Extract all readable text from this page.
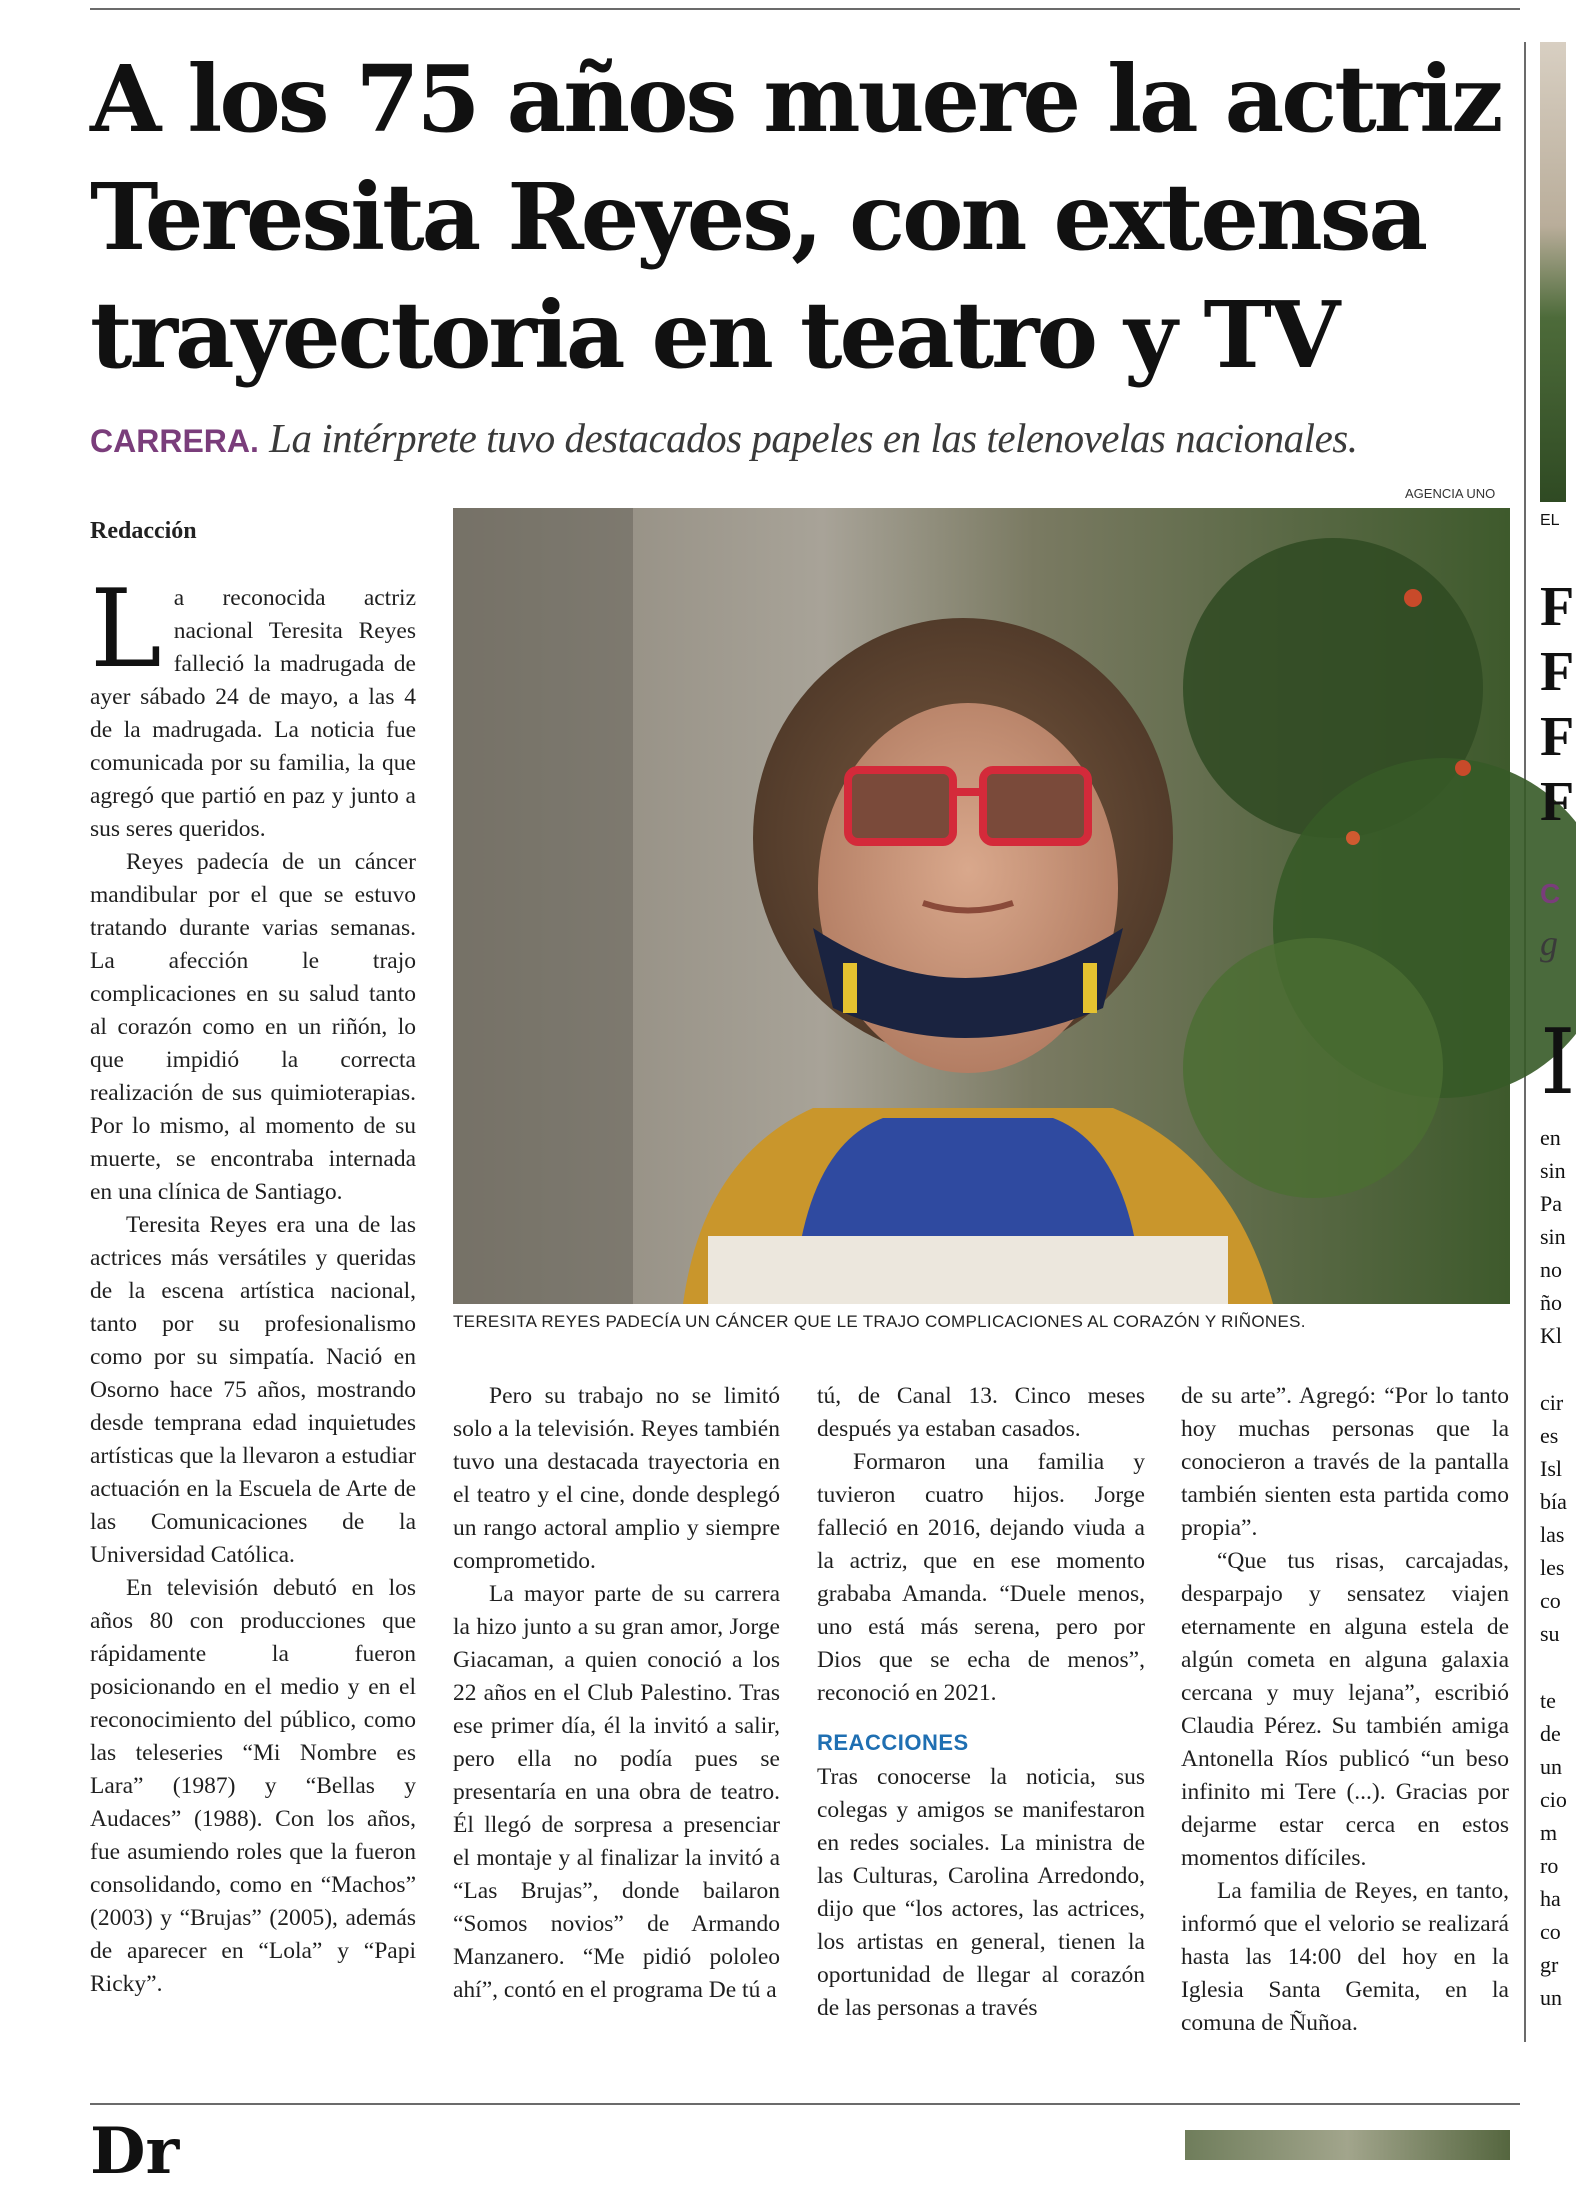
A los 75 años muere la actriz Teresita Reyes, con extensa trayectoria en teatro y TV
CARRERA. La intérprete tuvo destacados papeles en las telenovelas nacionales.
AGENCIA UNO
Redacción

La reconocida actriz nacional Teresita Reyes falleció la madrugada de ayer sábado 24 de mayo, a las 4 de la madrugada. La noticia fue comunicada por su familia, la que agregó que partió en paz y junto a sus seres queridos.

Reyes padecía de un cáncer mandibular por el que se estuvo tratando durante varias semanas. La afección le trajo complicaciones en su salud tanto al corazón como en un riñón, lo que impidió la correcta realización de sus quimioterapias. Por lo mismo, al momento de su muerte, se encontraba internada en una clínica de Santiago.

Teresita Reyes era una de las actrices más versátiles y queridas de la escena artística nacional, tanto por su profesionalismo como por su simpatía. Nació en Osorno hace 75 años, mostrando desde temprana edad inquietudes artísticas que la llevaron a estudiar actuación en la Escuela de Arte de las Comunicaciones de la Universidad Católica.

En televisión debutó en los años 80 con producciones que rápidamente la fueron posicionando en el medio y en el reconocimiento del público, como las teleseries “Mi Nombre es Lara” (1987) y “Bellas y Audaces” (1988). Con los años, fue asumiendo roles que la fueron consolidando, como en “Machos” (2003) y “Brujas” (2005), además de aparecer en “Lola” y “Papi Ricky”.

TERESITA REYES PADECÍA UN CÁNCER QUE LE TRAJO COMPLICACIONES AL CORAZÓN Y RIÑONES.

Pero su trabajo no se limitó solo a la televisión. Reyes también tuvo una destacada trayectoria en el teatro y el cine, donde desplegó un rango actoral amplio y siempre comprometido.

La mayor parte de su carrera la hizo junto a su gran amor, Jorge Giacaman, a quien conoció a los 22 años en el Club Palestino. Tras ese primer día, él la invitó a salir, pero ella no podía pues se presentaría en una obra de teatro. Él llegó de sorpresa a presenciar el montaje y al finalizar la invitó a “Las Brujas”, donde bailaron “Somos novios” de Armando Manzanero. “Me pidió pololeo ahí”, contó en el programa De tú a

tú, de Canal 13. Cinco meses después ya estaban casados.

Formaron una familia y tuvieron cuatro hijos. Jorge falleció en 2016, dejando viuda a la actriz, que en ese momento grababa Amanda. “Duele menos, uno está más serena, pero por Dios que se echa de menos”, reconoció en 2021.

REACCIONES

Tras conocerse la noticia, sus colegas y amigos se manifestaron en redes sociales. La ministra de las Culturas, Carolina Arredondo, dijo que “los actores, las actrices, los artistas en general, tienen la oportunidad de llegar al corazón de las personas a través

de su arte”. Agregó: “Por lo tanto hoy muchas personas que la conocieron a través de la pantalla también sienten esta partida como propia”.

“Que tus risas, carcajadas, desparpajo y sensatez viajen eternamente en alguna estela de algún cometa en alguna galaxia cercana y muy lejana”, escribió Claudia Pérez. Su también amiga Antonella Ríos publicó “un beso infinito mi Tere (...). Gracias por dejarme estar cerca en estos momentos difíciles.

La familia de Reyes, en tanto, informó que el velorio se realizará hasta las 14:00 del hoy en la Iglesia Santa Gemita, en la comuna de Ñuñoa.

EL
F
F
F
F
C
g
I
en
sin
Pa
sin
no
ño
Kl
cir
es
Isl
bía
las
les
co
su
te
de
un
cio
m
ro
ha
co
gr
un
Dr
